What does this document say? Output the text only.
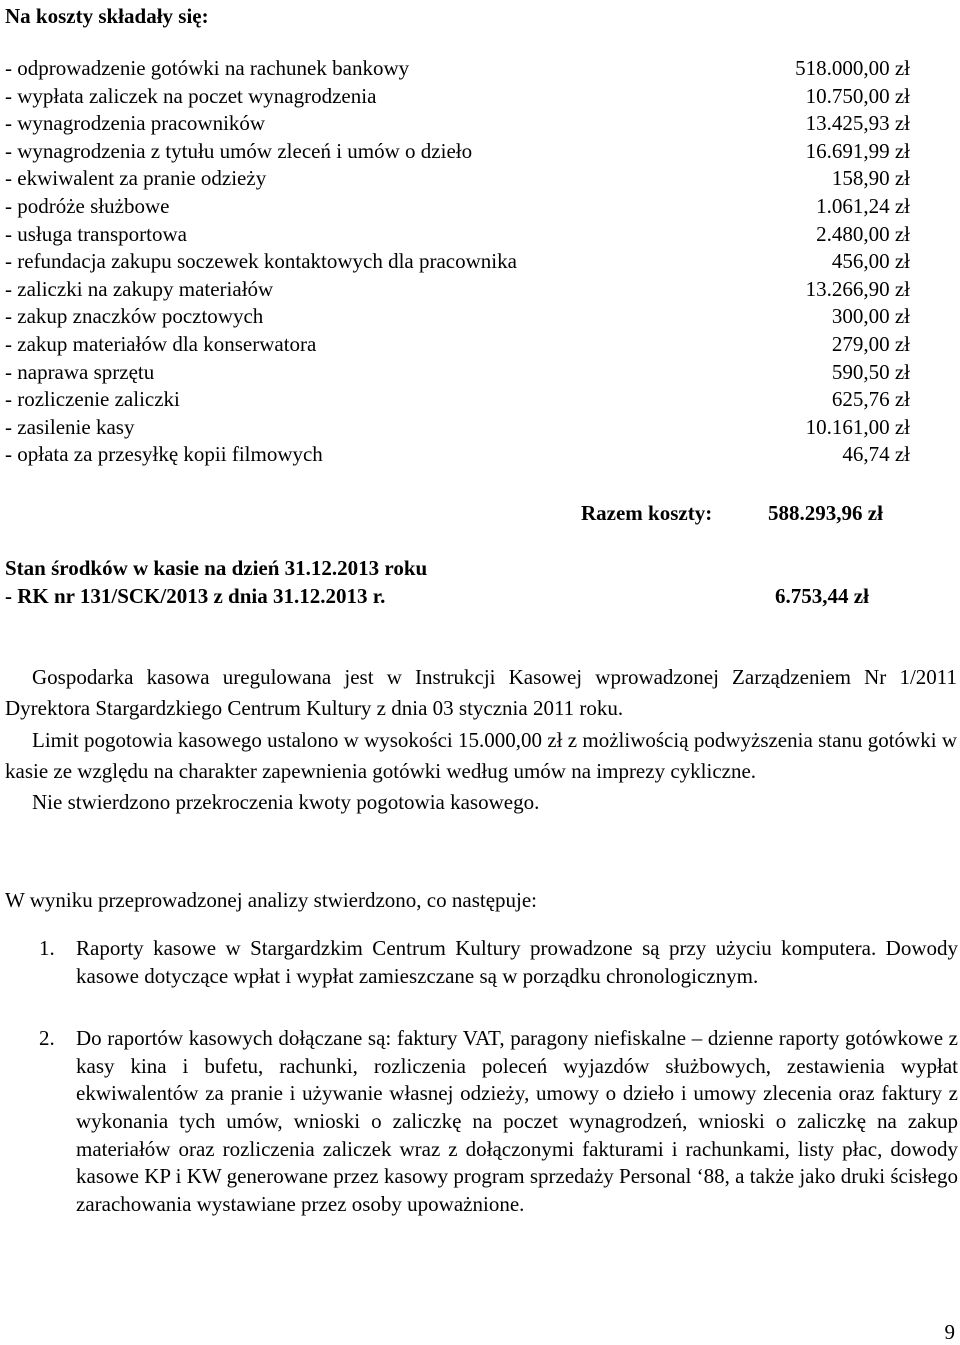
Na koszty składały się:
- odprowadzenie gotówki na rachunek bankowy	518.000,00 zł
- wypłata zaliczek na poczet wynagrodzenia	10.750,00 zł
- wynagrodzenia pracowników	13.425,93 zł
- wynagrodzenia z tytułu umów zleceń i umów o dzieło	16.691,99 zł
- ekwiwalent za pranie odzieży	158,90 zł
- podróże służbowe	1.061,24 zł
- usługa transportowa	2.480,00 zł
- refundacja zakupu soczewek kontaktowych dla pracownika	456,00 zł
- zaliczki na zakupy materiałów	13.266,90 zł
- zakup znaczków pocztowych	300,00 zł
- zakup materiałów dla konserwatora	279,00 zł
- naprawa sprzętu	590,50 zł
- rozliczenie zaliczki	625,76 zł
- zasilenie kasy	10.161,00 zł
- opłata za przesyłkę kopii filmowych	46,74 zł
Razem koszty:	588.293,96 zł
Stan środków w kasie na dzień 31.12.2013 roku
- RK nr 131/SCK/2013 z dnia 31.12.2013 r.	6.753,44 zł

Gospodarka kasowa uregulowana jest w Instrukcji Kasowej wprowadzonej Zarządzeniem Nr 1/2011 Dyrektora Stargardzkiego Centrum Kultury z dnia 03 stycznia 2011 roku.

Limit pogotowia kasowego ustalono w wysokości 15.000,00 zł z możliwością podwyższenia stanu gotówki w kasie ze względu na charakter zapewnienia gotówki według umów na imprezy cykliczne.

Nie stwierdzono przekroczenia kwoty pogotowia kasowego.

W wyniku przeprowadzonej analizy stwierdzono, co następuje:

1. Raporty kasowe w Stargardzkim Centrum Kultury prowadzone są przy użyciu komputera. Dowody kasowe dotyczące wpłat i wypłat zamieszczane są w porządku chronologicznym.
2. Do raportów kasowych dołączane są: faktury VAT, paragony niefiskalne – dzienne raporty gotówkowe z kasy kina i bufetu, rachunki, rozliczenia poleceń wyjazdów służbowych, zestawienia wypłat ekwiwalentów za pranie i używanie własnej odzieży, umowy o dzieło i umowy zlecenia oraz faktury z wykonania tych umów, wnioski o zaliczkę na poczet wynagrodzeń, wnioski o zaliczkę na zakup materiałów oraz rozliczenia zaliczek wraz z dołączonymi fakturami i rachunkami, listy płac, dowody kasowe KP i KW generowane przez kasowy program sprzedaży Personal ‘88, a także jako druki ścisłego zarachowania wystawiane przez osoby upoważnione.
9
